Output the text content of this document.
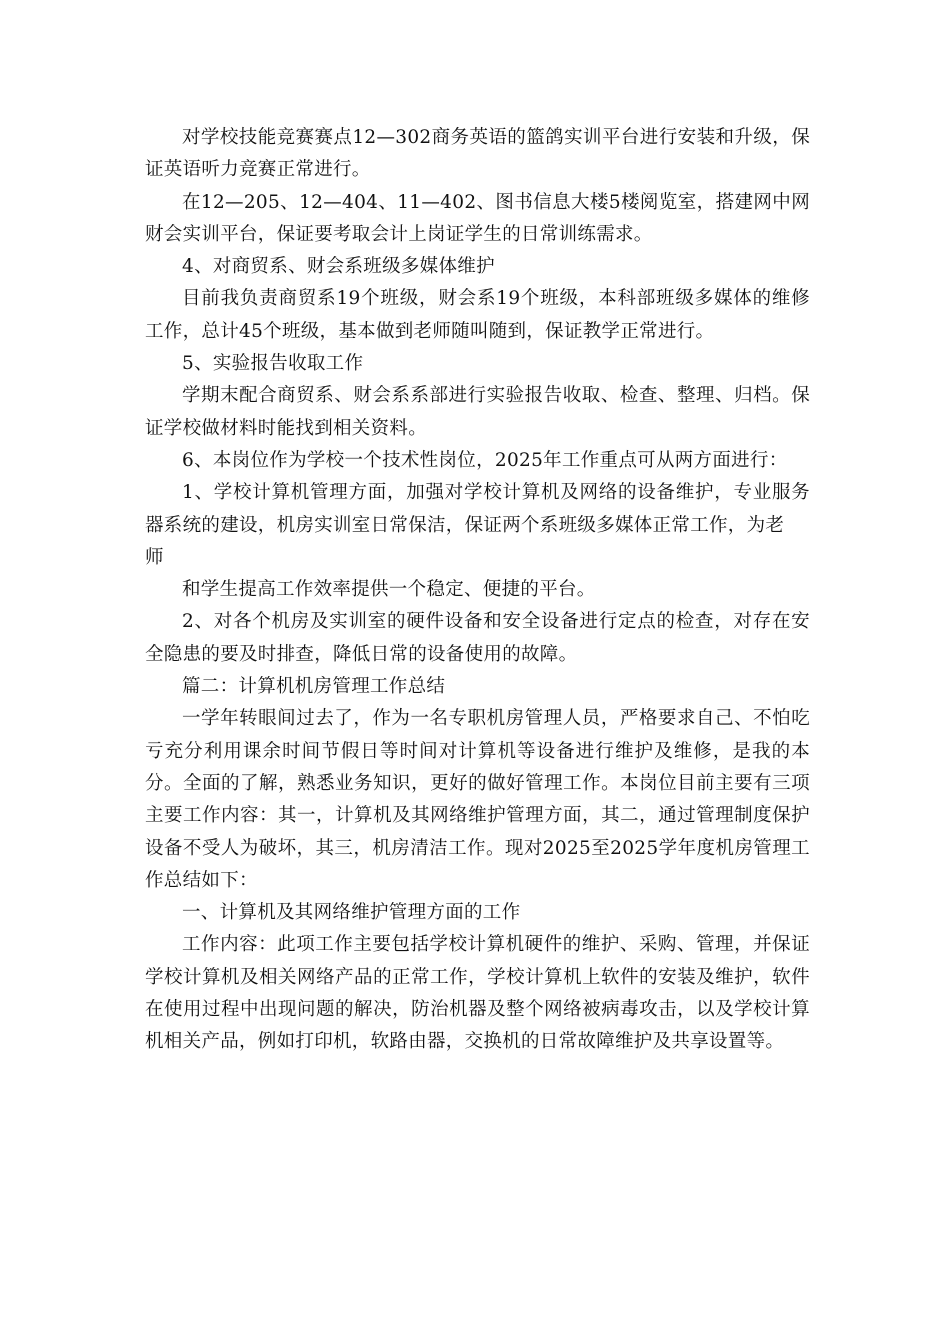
对学校技能竞赛赛点12—302商务英语的篮鸽实训平台进行安装和升级，保证英语听力竞赛正常进行。

在12—205、12—404、11—402、图书信息大楼5楼阅览室，搭建网中网财会实训平台，保证要考取会计上岗证学生的日常训练需求。

4、对商贸系、财会系班级多媒体维护

目前我负责商贸系19个班级，财会系19个班级，本科部班级多媒体的维修工作，总计45个班级，基本做到老师随叫随到，保证教学正常进行。

5、实验报告收取工作

学期末配合商贸系、财会系系部进行实验报告收取、检查、整理、归档。保证学校做材料时能找到相关资料。

6、本岗位作为学校一个技术性岗位，2025年工作重点可从两方面进行：

1、学校计算机管理方面，加强对学校计算机及网络的设备维护，专业服务器系统的建设，机房实训室日常保洁，保证两个系班级多媒体正常工作，为老

师

和学生提高工作效率提供一个稳定、便捷的平台。

2、对各个机房及实训室的硬件设备和安全设备进行定点的检查，对存在安全隐患的要及时排查，降低日常的设备使用的故障。

篇二：计算机机房管理工作总结

一学年转眼间过去了，作为一名专职机房管理人员，严格要求自己、不怕吃亏充分利用课余时间节假日等时间对计算机等设备进行维护及维修，是我的本分。全面的了解，熟悉业务知识，更好的做好管理工作。本岗位目前主要有三项主要工作内容：其一，计算机及其网络维护管理方面，其二，通过管理制度保护设备不受人为破坏，其三，机房清洁工作。现对2025至2025学年度机房管理工作总结如下：

一、计算机及其网络维护管理方面的工作

工作内容：此项工作主要包括学校计算机硬件的维护、采购、管理，并保证学校计算机及相关网络产品的正常工作，学校计算机上软件的安装及维护，软件在使用过程中出现问题的解决，防治机器及整个网络被病毒攻击，以及学校计算机相关产品，例如打印机，软路由器，交换机的日常故障维护及共享设置等。
